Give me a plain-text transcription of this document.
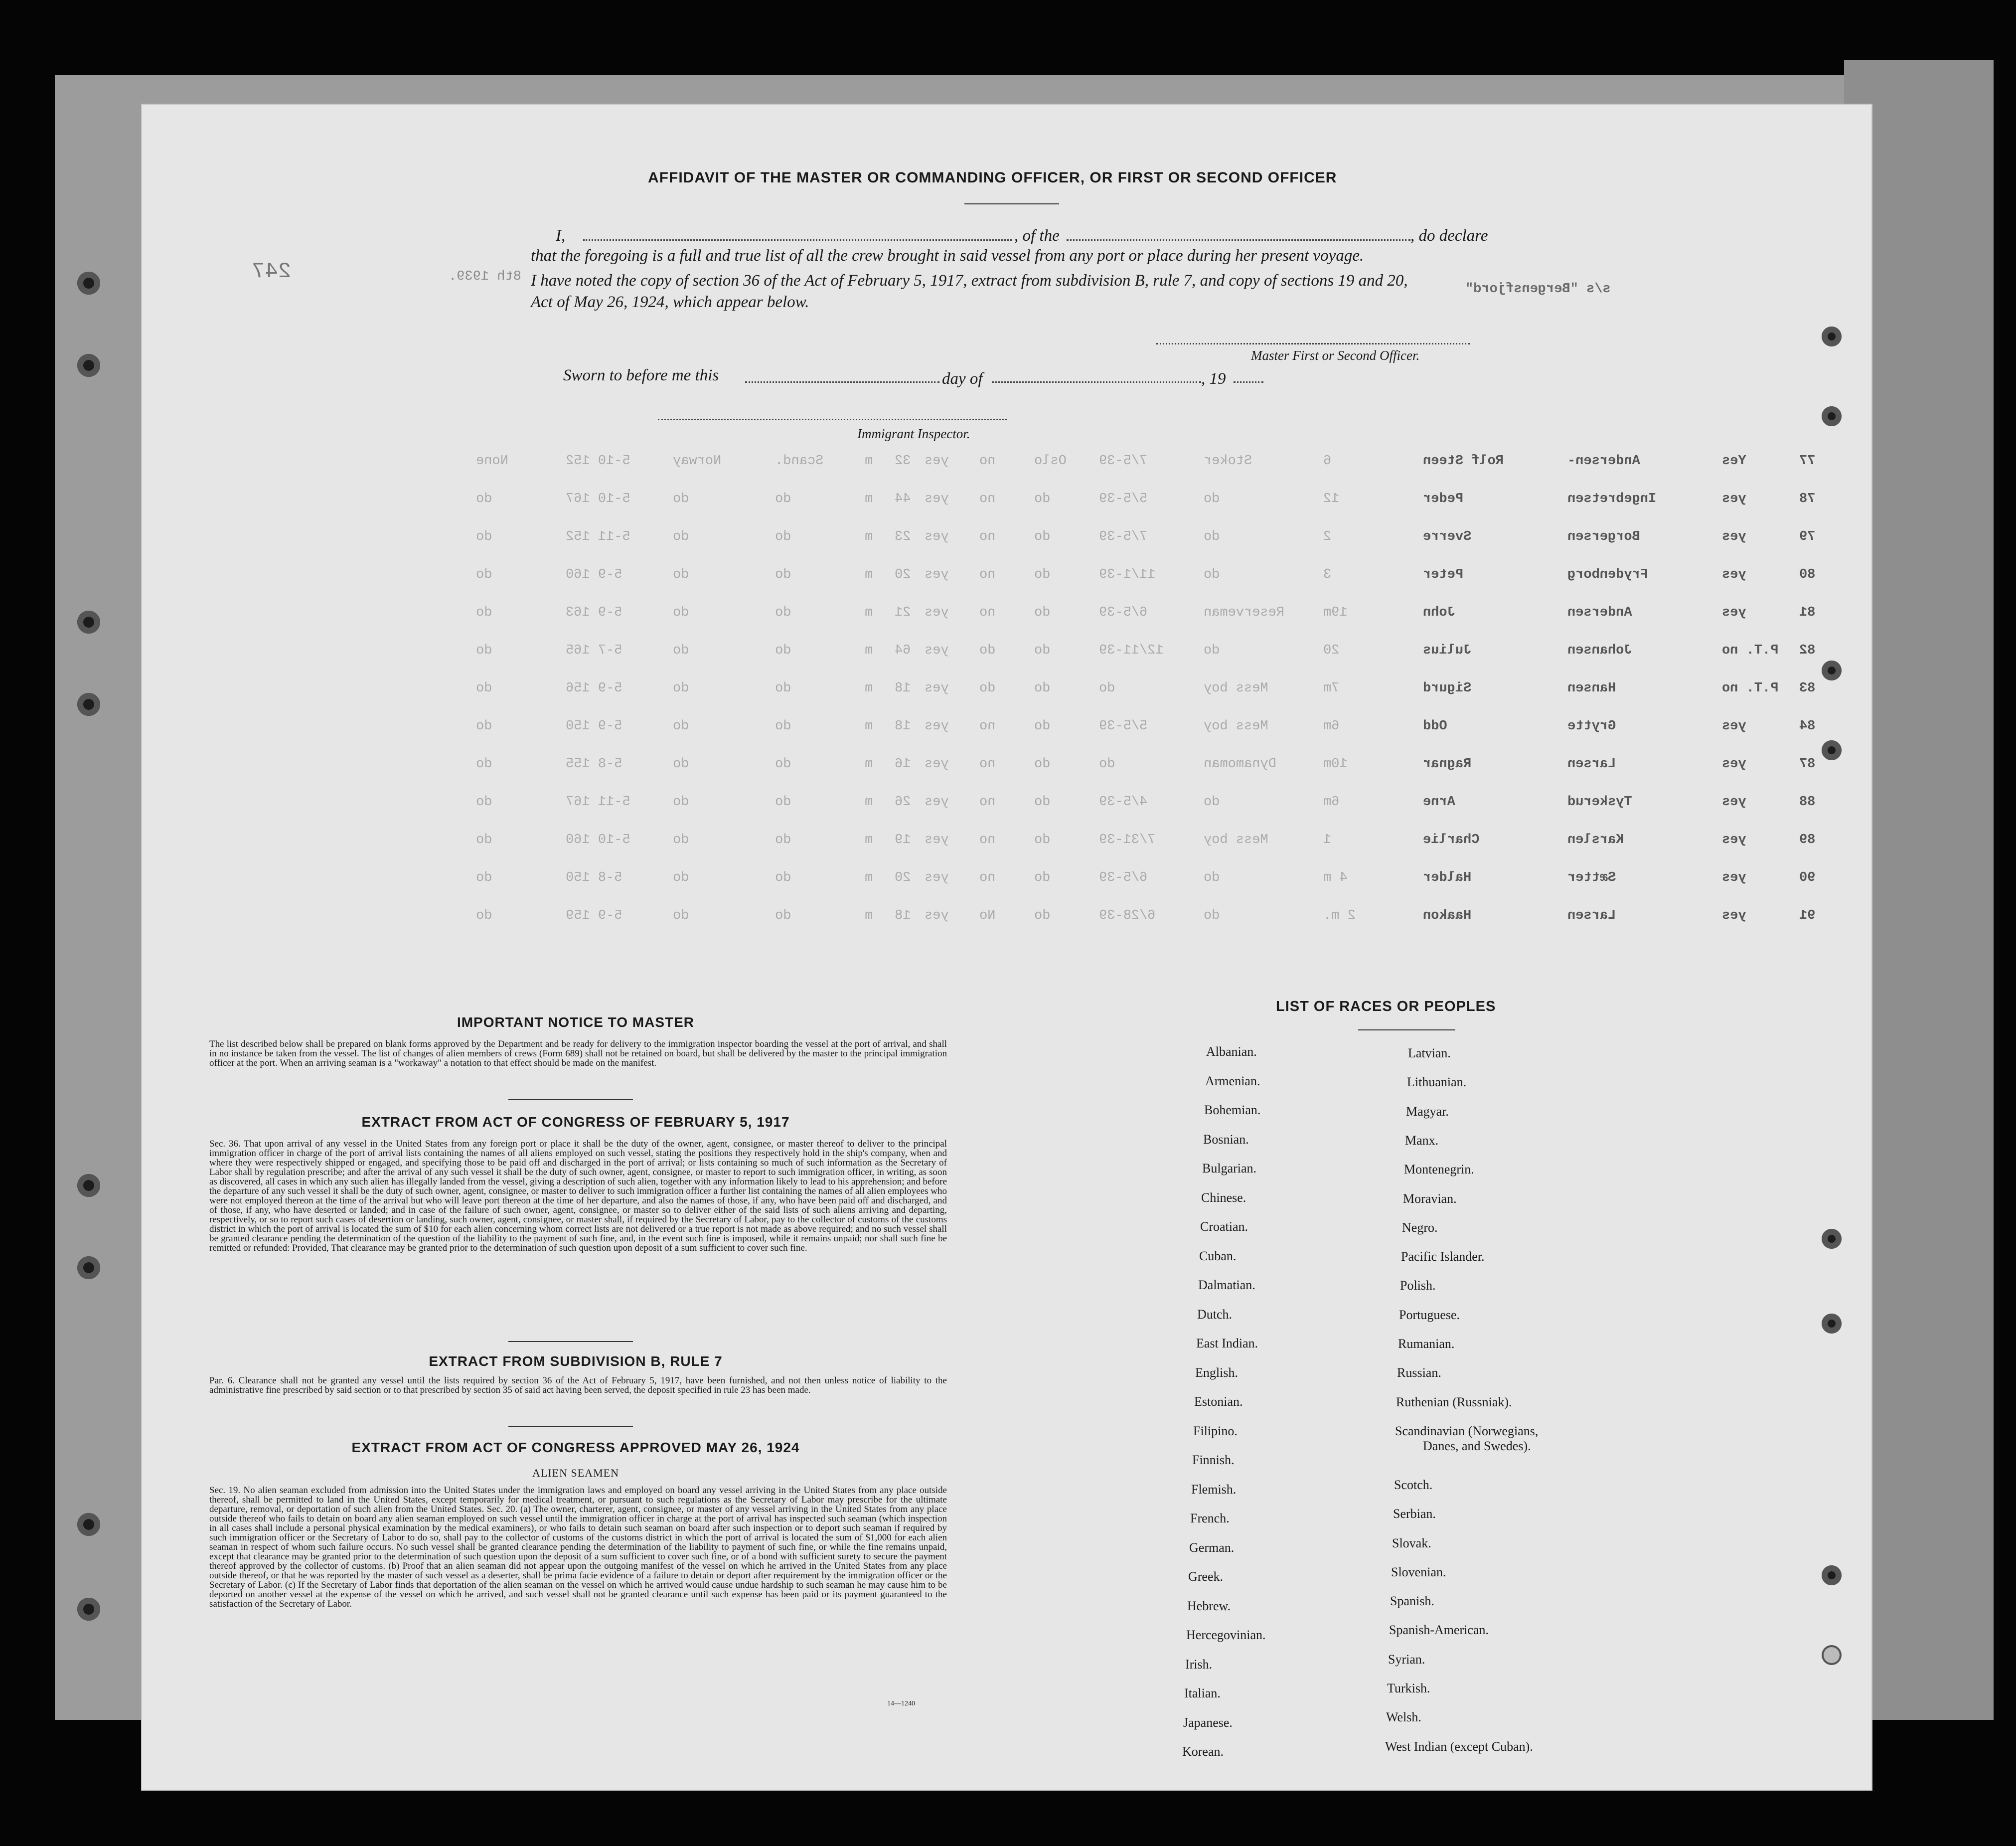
247	8th 1939.
s/s "Bergensfjord"
AFFIDAVIT OF THE MASTER OR COMMANDING OFFICER, OR FIRST OR SECOND OFFICER
I,	, of the	, do declare
that the foregoing is a full and true list of all the crew brought in said vessel from any port or place during her present voyage.
I have noted the copy of section 36 of the Act of February 5, 1917, extract from subdivision B, rule 7, and copy of sections 19 and 20,
Act of May 26, 1924, which appear below.
Master First or Second Officer.
Sworn to before me this	day of	, 19
Immigrant Inspector.
None	5-10 152	Norway	Scand.	m 32 yes no	Oslo 7/5-39	Stoker	6	Rolf Steen	Andersen-	Yes	77
do	5-10 167	do	do	m 44 yes no	do	5/5-39	do	12	Peder	Ingebretsen	yes	78
do	5-11 152	do	do	m 23 yes no	do	7/5-39	do	2	Sverre	Borgersen	yes	79
do	5-9 160	do	do	m 20 yes no	do	11/1-39	do	3	Peter	Frydenborg	yes	80
do	5-9 163	do	do	m 21 yes no	do	6/5-39	Reserveman	19m	John	Andersen	yes	81
do	5-7 165	do	do	m 64 yes do	do	12/11-39	do	20	Julius	Johansen	P.T. no 82
do	5-9 156	do	do	m 18 yes do	do	do	Mess boy	7m	Sigurd	Hansen	P.T. no 83
do	5-9 150	do	do	m 18 yes no	do	5/5-39	Mess boy	6m	Odd	Grytte	yes	84
do	5-8 155	do	do	m 16 yes no	do	do	Dynamoman	10m	Ragnar	Larsen	yes	87
do	5-11 167	do	do	m 26 yes no	do	4/5-39	do	6m	Arne	Tyskerud	yes	88
do	5-10 160	do	do	m 19 yes no	do	7/31-39	Mess boy	1	Charlie	Karslen	yes	89
do	5-8 150	do	do	m 20 yes no	do	6/5-39	do	4 m	Halder	Sætter	yes	90
do	5-9 159	do	do	m 18 yes No	do	6/28-39	do	2 m.	Haakon	Larsen	yes	91
IMPORTANT NOTICE TO MASTER
The list described below shall be prepared on blank forms approved by the Department and be ready for delivery to the immigration inspector boarding the vessel at the port of arrival, and shall in no instance be taken from the vessel. The list of changes of alien members of crews (Form 689) shall not be retained on board, but shall be delivered by the master to the principal immigration officer at the port. When an arriving seaman is a "workaway" a notation to that effect should be made on the manifest.
EXTRACT FROM ACT OF CONGRESS OF FEBRUARY 5, 1917
Sec. 36. That upon arrival of any vessel in the United States from any foreign port or place it shall be the duty of the owner, agent, consignee, or master thereof to deliver to the principal immigration officer in charge of the port of arrival lists containing the names of all aliens employed on such vessel, stating the positions they respectively hold in the ship's company, when and where they were respectively shipped or engaged, and specifying those to be paid off and discharged in the port of arrival; or lists containing so much of such information as the Secretary of Labor shall by regulation prescribe; and after the arrival of any such vessel it shall be the duty of such owner, agent, consignee, or master to report to such immigration officer, in writing, as soon as discovered, all cases in which any such alien has illegally landed from the vessel, giving a description of such alien, together with any information likely to lead to his apprehension; and before the departure of any such vessel it shall be the duty of such owner, agent, consignee, or master to deliver to such immigration officer a further list containing the names of all alien employees who were not employed thereon at the time of the arrival but who will leave port thereon at the time of her departure, and also the names of those, if any, who have been paid off and discharged, and of those, if any, who have deserted or landed; and in case of the failure of such owner, agent, consignee, or master so to deliver either of the said lists of such aliens arriving and departing, respectively, or so to report such cases of desertion or landing, such owner, agent, consignee, or master shall, if required by the Secretary of Labor, pay to the collector of customs of the customs district in which the port of arrival is located the sum of $10 for each alien concerning whom correct lists are not delivered or a true report is not made as above required; and no such vessel shall be granted clearance pending the determination of the question of the liability to the payment of such fine, and, in the event such fine is imposed, while it remains unpaid; nor shall such fine be remitted or refunded: Provided, That clearance may be granted prior to the determination of such question upon deposit of a sum sufficient to cover such fine.
EXTRACT FROM SUBDIVISION B, RULE 7
Par. 6. Clearance shall not be granted any vessel until the lists required by section 36 of the Act of February 5, 1917, have been furnished, and not then unless notice of liability to the administrative fine prescribed by said section or to that prescribed by section 35 of said act having been served, the deposit specified in rule 23 has been made.
EXTRACT FROM ACT OF CONGRESS APPROVED MAY 26, 1924
ALIEN SEAMEN
Sec. 19. No alien seaman excluded from admission into the United States under the immigration laws and employed on board any vessel arriving in the United States from any place outside thereof, shall be permitted to land in the United States, except temporarily for medical treatment, or pursuant to such regulations as the Secretary of Labor may prescribe for the ultimate departure, removal, or deportation of such alien from the United States. Sec. 20. (a) The owner, charterer, agent, consignee, or master of any vessel arriving in the United States from any place outside thereof who fails to detain on board any alien seaman employed on such vessel until the immigration officer in charge at the port of arrival has inspected such seaman (which inspection in all cases shall include a personal physical examination by the medical examiners), or who fails to detain such seaman on board after such inspection or to deport such seaman if required by such immigration officer or the Secretary of Labor to do so, shall pay to the collector of customs of the customs district in which the port of arrival is located the sum of $1,000 for each alien seaman in respect of whom such failure occurs. No such vessel shall be granted clearance pending the determination of the liability to payment of such fine, or while the fine remains unpaid, except that clearance may be granted prior to the determination of such question upon the deposit of a sum sufficient to cover such fine, or of a bond with sufficient surety to secure the payment thereof approved by the collector of customs. (b) Proof that an alien seaman did not appear upon the outgoing manifest of the vessel on which he arrived in the United States from any place outside thereof, or that he was reported by the master of such vessel as a deserter, shall be prima facie evidence of a failure to detain or deport after requirement by the immigration officer or the Secretary of Labor. (c) If the Secretary of Labor finds that deportation of the alien seaman on the vessel on which he arrived would cause undue hardship to such seaman he may cause him to be deported on another vessel at the expense of the vessel on which he arrived, and such vessel shall not be granted clearance until such expense has been paid or its payment guaranteed to the satisfaction of the Secretary of Labor.
14—1240
LIST OF RACES OR PEOPLES
Albanian.
Armenian.
Bohemian.
Bosnian.
Bulgarian.
Chinese.
Croatian.
Cuban.
Dalmatian.
Dutch.
East Indian.
English.
Estonian.
Filipino.
Finnish.
Flemish.
French.
German.
Greek.
Hebrew.
Hercegovinian.
Irish.
Italian.
Japanese.
Korean.
Latvian.
Lithuanian.
Magyar.
Manx.
Montenegrin.
Moravian.
Negro.
Pacific Islander.
Polish.
Portuguese.
Rumanian.
Russian.
Ruthenian (Russniak).
Scandinavian (Norwegians,
Danes, and Swedes).
Scotch.
Serbian.
Slovak.
Slovenian.
Spanish.
Spanish-American.
Syrian.
Turkish.
Welsh.
West Indian (except Cuban).
